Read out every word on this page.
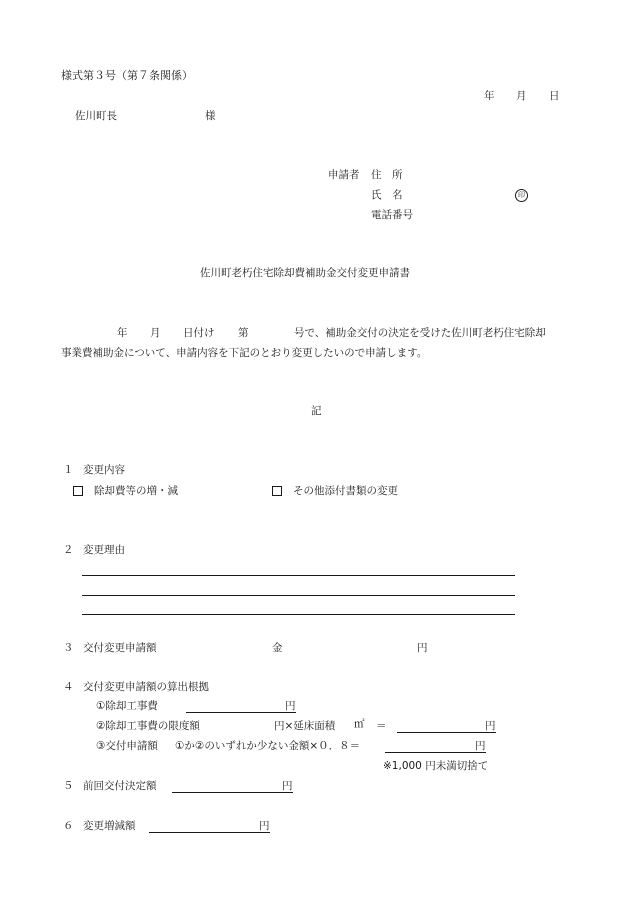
様式第３号（第７条関係）
年 月 日
佐川町長	様
申請者 住　所
氏　名	印
電話番号
佐川町老朽住宅除却費補助金交付変更申請書
年 月 日付け 第	号で、補助金交付の決定を受けた佐川町老朽住宅除却
事業費補助金について、申請内容を下記のとおり変更したいので申請します。
記
１ 変更内容
除却費等の増・減	その他添付書類の変更
２ 変更理由
３ 交付変更申請額	金	円
４ 交付変更申請額の算出根拠
①除却工事費	円
②除却工事費の限度額	円×延床面積 ㎡ ＝	円
③交付申請額 ①か②のいずれか少ない金額×０．８＝	円
※1,000 円未満切捨て
５ 前回交付決定額	円
６ 変更増減額	円
